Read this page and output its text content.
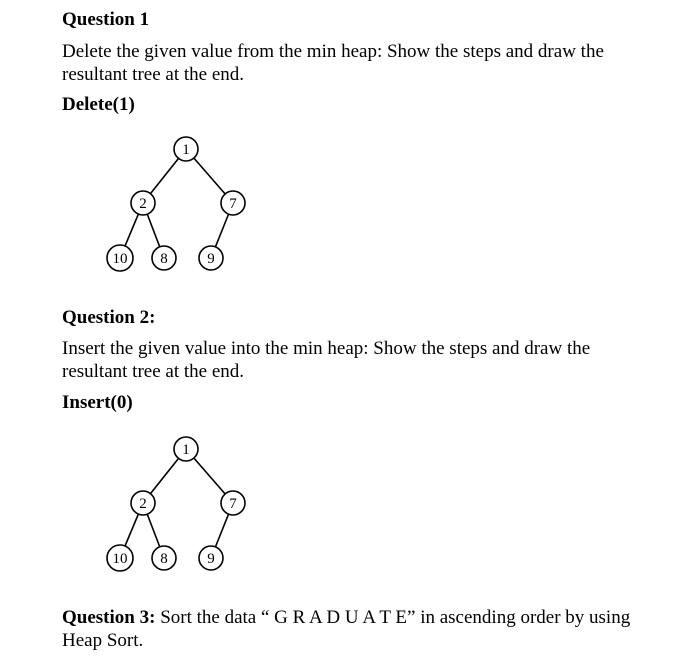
Question 1
Delete the given value from the min heap: Show the steps and draw the resultant tree at the end.
Delete(1)
1
2	7
10 8	9
Question 2:
Insert the given value into the min heap: Show the steps and draw the resultant tree at the end.
Insert(0)
1
2	7
10 8	9
Question 3: Sort the data “ G R A D U A T E” in ascending order by using Heap Sort.
